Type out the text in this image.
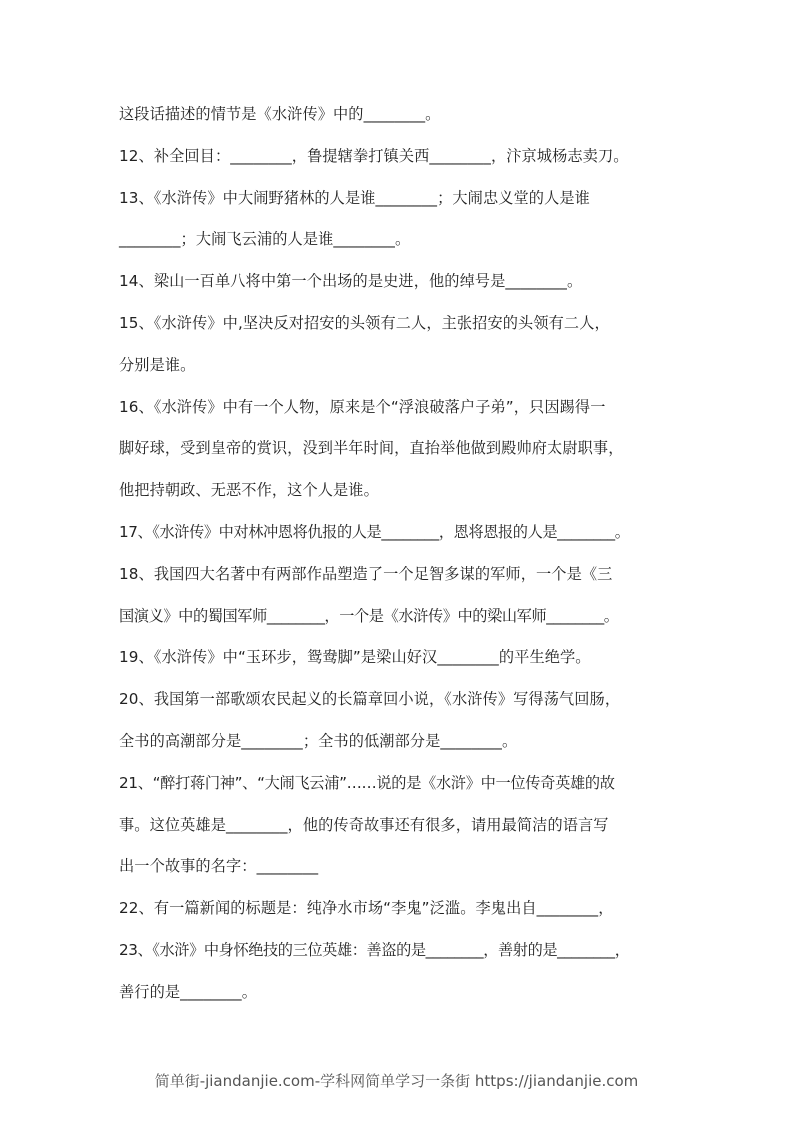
这段话描述的情节是《水浒传》中的________。
12、补全回目：________，鲁提辖拳打镇关西________，汴京城杨志卖刀。
13、《水浒传》中大闹野猪林的人是谁________；大闹忠义堂的人是谁
________；大闹飞云浦的人是谁________。
14、梁山一百单八将中第一个出场的是史进，他的绰号是________。
15、《水浒传》中,坚决反对招安的头领有二人，主张招安的头领有二人，
分别是谁。
16、《水浒传》中有一个人物，原来是个“浮浪破落户子弟”，只因踢得一
脚好球，受到皇帝的赏识，没到半年时间，直抬举他做到殿帅府太尉职事，
他把持朝政、无恶不作，这个人是谁。
17、《水浒传》中对林冲恩将仇报的人是________，恩将恩报的人是________。
18、我国四大名著中有两部作品塑造了一个足智多谋的军师，一个是《三
国演义》中的蜀国军师________，一个是《水浒传》中的梁山军师________。
19、《水浒传》中“玉环步，鸳鸯脚”是梁山好汉________的平生绝学。
20、我国第一部歌颂农民起义的长篇章回小说，《水浒传》写得荡气回肠，
全书的高潮部分是________；全书的低潮部分是________。
21、“醉打蒋门神”、“大闹飞云浦”……说的是《水浒》中一位传奇英雄的故
事。这位英雄是________，他的传奇故事还有很多，请用最简洁的语言写
出一个故事的名字：________
22、有一篇新闻的标题是：纯净水市场“李鬼”泛滥。李鬼出自________，
23、《水浒》中身怀绝技的三位英雄：善盗的是________，善射的是________，
善行的是________。
简单街-jiandanjie.com-学科网简单学习一条街 https://jiandanjie.com
